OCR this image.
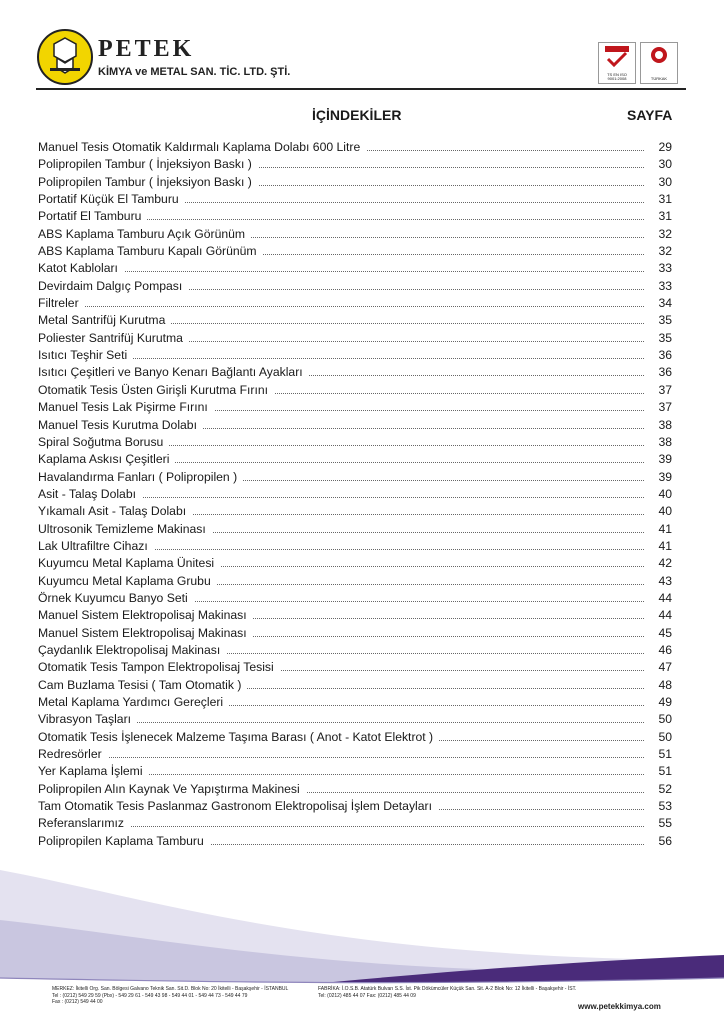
PETEK
KİMYA ve METAL SAN. TİC. LTD. ŞTİ.	TS EN ISO 9001:2008	TÜRKAK
İÇİNDEKİLER	SAYFA
Manuel Tesis Otomatik Kaldırmalı Kaplama Dolabı 600 Litre	29
Polipropilen Tambur ( İnjeksiyon Baskı )	30
Polipropilen Tambur ( İnjeksiyon Baskı )	30
Portatif Küçük El Tamburu	31
Portatif El Tamburu	31
ABS Kaplama Tamburu Açık Görünüm	32
ABS Kaplama Tamburu Kapalı Görünüm	32
Katot Kabloları	33
Devirdaim Dalgıç Pompası	33
Filtreler	34
Metal Santrifüj Kurutma	35
Poliester Santrifüj Kurutma	35
Isıtıcı Teşhir Seti	36
Isıtıcı Çeşitleri ve Banyo Kenarı Bağlantı Ayakları	36
Otomatik Tesis Üsten Girişli Kurutma Fırını	37
Manuel Tesis Lak Pişirme Fırını	37
Manuel Tesis Kurutma Dolabı	38
Spiral Soğutma Borusu	38
Kaplama Askısı Çeşitleri	39
Havalandırma Fanları ( Polipropilen )	39
Asit - Talaş Dolabı	40
Yıkamalı Asit - Talaş Dolabı	40
Ultrosonik Temizleme Makinası	41
Lak Ultrafiltre Cihazı	41
Kuyumcu Metal Kaplama Ünitesi	42
Kuyumcu Metal Kaplama Grubu	43
Örnek Kuyumcu Banyo Seti	44
Manuel Sistem Elektropolisaj Makinası	44
Manuel Sistem Elektropolisaj Makinası	45
Çaydanlık Elektropolisaj Makinası	46
Otomatik Tesis Tampon Elektropolisaj Tesisi	47
Cam Buzlama Tesisi ( Tam Otomatik )	48
Metal Kaplama Yardımcı Gereçleri	49
Vibrasyon Taşları	50
Otomatik Tesis İşlenecek Malzeme Taşıma Barası ( Anot - Katot Elektrot )	50
Redresörler	51
Yer Kaplama İşlemi	51
Polipropilen Alın Kaynak Ve Yapıştırma Makinesi	52
Tam Otomatik Tesis Paslanmaz Gastronom Elektropolisaj İşlem Detayları	53
Referanslarımız	55
Polipropilen Kaplama Tamburu	56
MERKEZ: İkitelli Org. San. Bölgesi Galvano Teknik San. Sit.D. Blok No: 20 İkitelli - Başakşehir - İSTANBUL
Tel : (0212) 549 29 59 (Pbx) - 549 29 61 - 549 43 98 - 549 44 01 - 549 44 73 - 549 44 79
Fax : (0212) 549 44 00
FABRİKA: İ.O.S.B. Atatürk Bulvarı S.S. İst. Pik Dökümcüler Küçük San. Sit. A-2 Blok No: 12 İkitelli - Başakşehir - İST.
Tel: (0212) 485 44 07 Fax: (0212) 485 44 09
www.petekkimya.com
